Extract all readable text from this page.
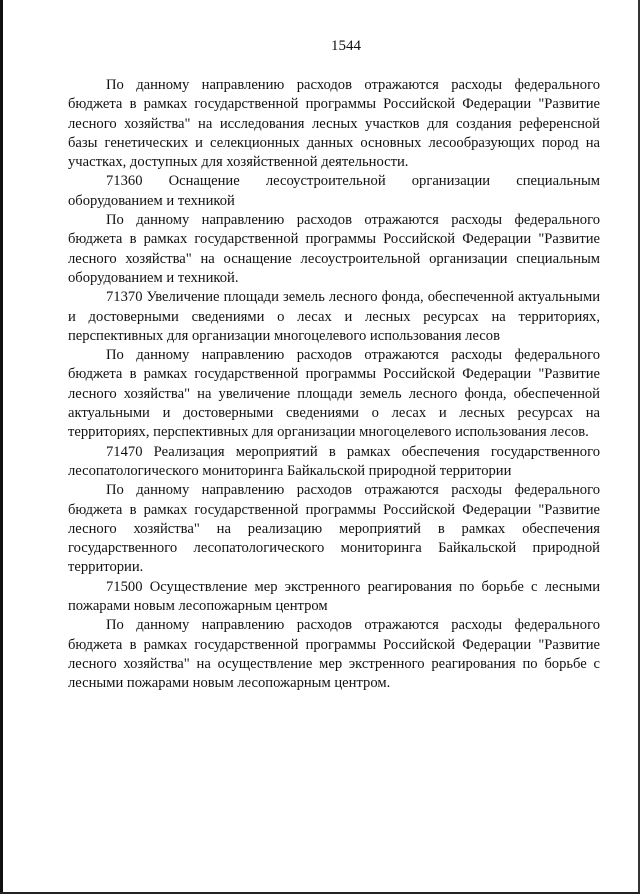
1544

По данному направлению расходов отражаются расходы федерального бюджета в рамках государственной программы Российской Федерации "Развитие лесного хозяйства" на исследования лесных участков для создания референсной базы генетических и селекционных данных основных лесообразующих пород на участках, доступных для хозяйственной деятельности.

71360 Оснащение лесоустроительной организации специальным оборудованием и техникой

По данному направлению расходов отражаются расходы федерального бюджета в рамках государственной программы Российской Федерации "Развитие лесного хозяйства" на оснащение лесоустроительной организации специальным оборудованием и техникой.

71370 Увеличение площади земель лесного фонда, обеспеченной актуальными и достоверными сведениями о лесах и лесных ресурсах на территориях, перспективных для организации многоцелевого использования лесов

По данному направлению расходов отражаются расходы федерального бюджета в рамках государственной программы Российской Федерации "Развитие лесного хозяйства" на увеличение площади земель лесного фонда, обеспеченной актуальными и достоверными сведениями о лесах и лесных ресурсах на территориях, перспективных для организации многоцелевого использования лесов.

71470 Реализация мероприятий в рамках обеспечения государственного лесопатологического мониторинга Байкальской природной территории

По данному направлению расходов отражаются расходы федерального бюджета в рамках государственной программы Российской Федерации "Развитие лесного хозяйства" на реализацию мероприятий в рамках обеспечения государственного лесопатологического мониторинга Байкальской природной территории.

71500 Осуществление мер экстренного реагирования по борьбе с лесными пожарами новым лесопожарным центром

По данному направлению расходов отражаются расходы федерального бюджета в рамках государственной программы Российской Федерации "Развитие лесного хозяйства" на осуществление мер экстренного реагирования по борьбе с лесными пожарами новым лесопожарным центром.
